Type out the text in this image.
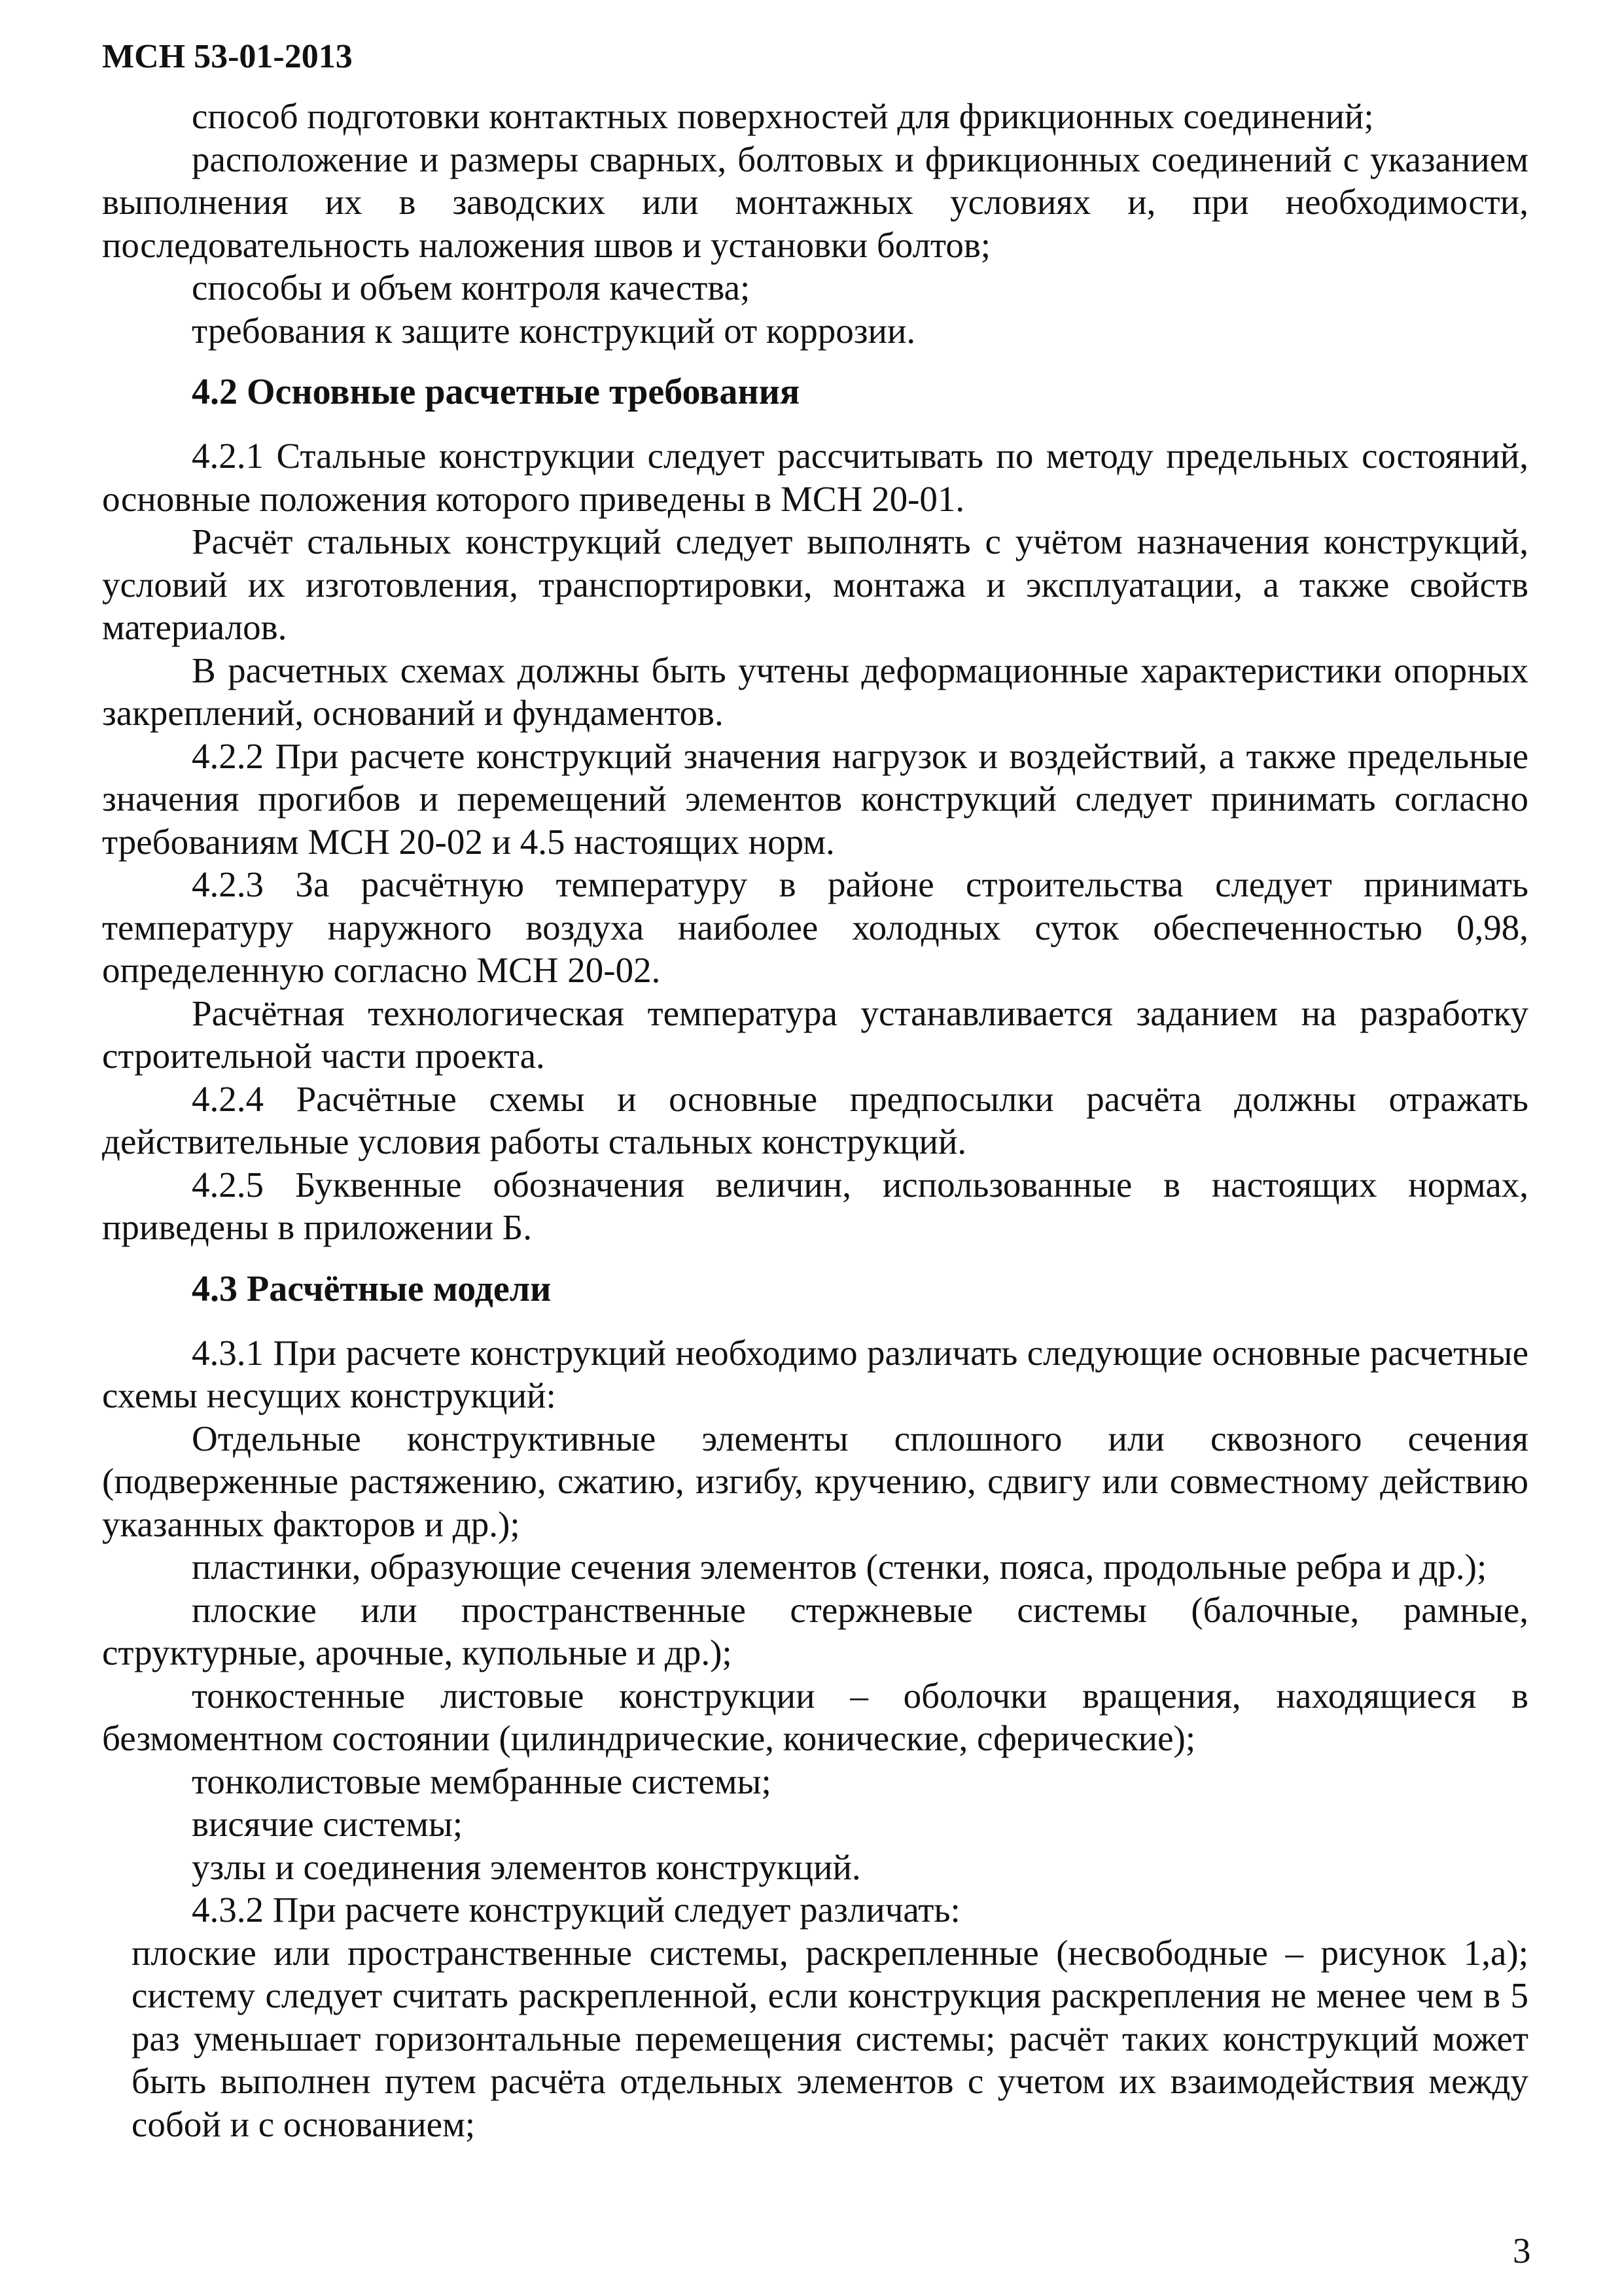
МСН 53-01-2013

способ подготовки контактных поверхностей для фрикционных соединений;

расположение и размеры сварных, болтовых и фрикционных соединений с указанием выполнения их в заводских или монтажных условиях и, при необходимости, последовательность наложения швов и установки болтов;

способы и объем контроля качества;

требования к защите конструкций от коррозии.

4.2 Основные расчетные требования

4.2.1 Стальные конструкции следует рассчитывать по методу предельных состояний, основные положения которого приведены в МСН 20-01.

Расчёт стальных конструкций следует выполнять с учётом назначения конструкций, условий их изготовления, транспортировки, монтажа и эксплуатации, а также свойств материалов.

В расчетных схемах должны быть учтены деформационные характеристики опорных закреплений, оснований и фундаментов.

4.2.2 При расчете конструкций значения нагрузок и воздействий, а также предельные значения прогибов и перемещений элементов конструкций следует принимать согласно требованиям МСН 20-02 и 4.5 настоящих норм.

4.2.3 За расчётную температуру в районе строительства следует принимать температуру наружного воздуха наиболее холодных суток обеспеченностью 0,98, определенную согласно МСН 20-02.

Расчётная технологическая температура устанавливается заданием на разработку строительной части проекта.

4.2.4 Расчётные схемы и основные предпосылки расчёта должны отражать действительные условия работы стальных конструкций.

4.2.5 Буквенные обозначения величин, использованные в настоящих нормах, приведены в приложении Б.

4.3 Расчётные модели

4.3.1 При расчете конструкций необходимо различать следующие основные расчетные схемы несущих конструкций:

Отдельные конструктивные элементы сплошного или сквозного сечения (подверженные растяжению, сжатию, изгибу, кручению, сдвигу или совместному действию указанных факторов и др.);

пластинки, образующие сечения элементов (стенки, пояса, продольные ребра и др.);

плоские или пространственные стержневые системы (балочные, рамные, структурные, арочные, купольные и др.);

тонкостенные листовые конструкции – оболочки вращения, находящиеся в безмоментном состоянии (цилиндрические, конические, сферические);

тонколистовые мембранные системы;

висячие системы;

узлы и соединения элементов конструкций.

4.3.2 При расчете конструкций следует различать:

плоские или пространственные системы, раскрепленные (несвободные – рисунок 1,а); систему следует считать раскрепленной, если конструкция раскрепления не менее чем в 5 раз уменьшает горизонтальные перемещения системы; расчёт таких конструкций может быть выполнен путем расчёта отдельных элементов с учетом их взаимодействия между собой и с основанием;

3
